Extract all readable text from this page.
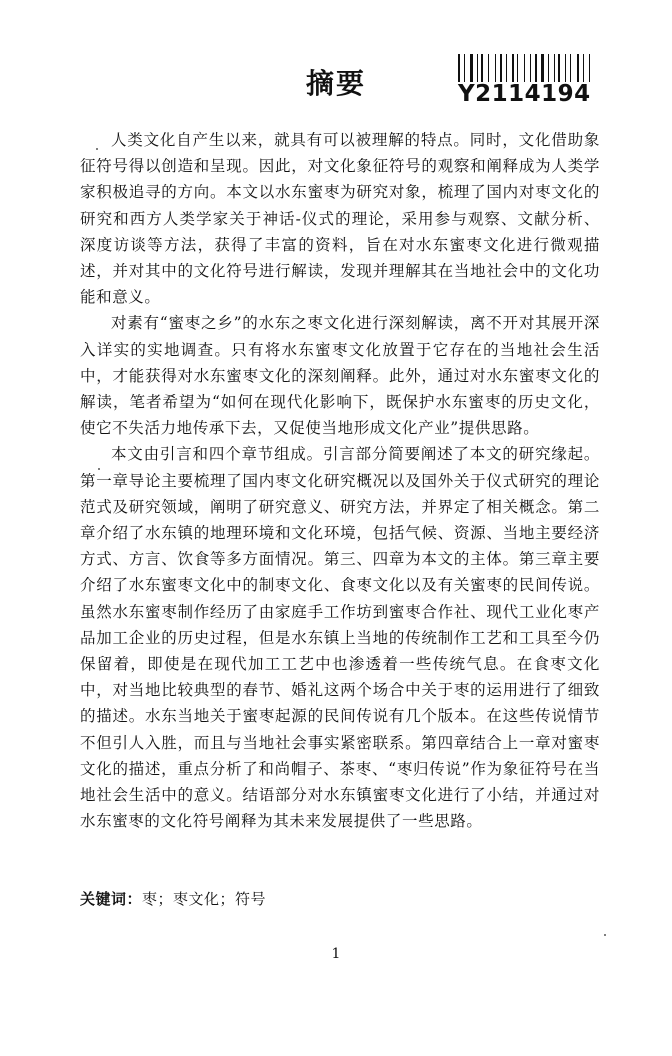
摘要	Y2114194

人类文化自产生以来，就具有可以被理解的特点。同时，文化借助象征符号得以创造和呈现。因此，对文化象征符号的观察和阐释成为人类学家积极追寻的方向。本文以水东蜜枣为研究对象，梳理了国内对枣文化的研究和西方人类学家关于神话-仪式的理论，采用参与观察、文献分析、深度访谈等方法，获得了丰富的资料，旨在对水东蜜枣文化进行微观描述，并对其中的文化符号进行解读，发现并理解其在当地社会中的文化功能和意义。

对素有“蜜枣之乡”的水东之枣文化进行深刻解读，离不开对其展开深入详实的实地调查。只有将水东蜜枣文化放置于它存在的当地社会生活中，才能获得对水东蜜枣文化的深刻阐释。此外，通过对水东蜜枣文化的解读，笔者希望为“如何在现代化影响下，既保护水东蜜枣的历史文化，使它不失活力地传承下去，又促使当地形成文化产业”提供思路。

本文由引言和四个章节组成。引言部分简要阐述了本文的研究缘起。第一章导论主要梳理了国内枣文化研究概况以及国外关于仪式研究的理论范式及研究领域，阐明了研究意义、研究方法，并界定了相关概念。第二章介绍了水东镇的地理环境和文化环境，包括气候、资源、当地主要经济方式、方言、饮食等多方面情况。第三、四章为本文的主体。第三章主要介绍了水东蜜枣文化中的制枣文化、食枣文化以及有关蜜枣的民间传说。虽然水东蜜枣制作经历了由家庭手工作坊到蜜枣合作社、现代工业化枣产品加工企业的历史过程，但是水东镇上当地的传统制作工艺和工具至今仍保留着，即使是在现代加工工艺中也渗透着一些传统气息。在食枣文化中，对当地比较典型的春节、婚礼这两个场合中关于枣的运用进行了细致的描述。水东当地关于蜜枣起源的民间传说有几个版本。在这些传说情节不但引人入胜，而且与当地社会事实紧密联系。第四章结合上一章对蜜枣文化的描述，重点分析了和尚帽子、茶枣、“枣归传说”作为象征符号在当地社会生活中的意义。结语部分对水东镇蜜枣文化进行了小结，并通过对水东蜜枣的文化符号阐释为其未来发展提供了一些思路。

关键词：枣；枣文化；符号
1
